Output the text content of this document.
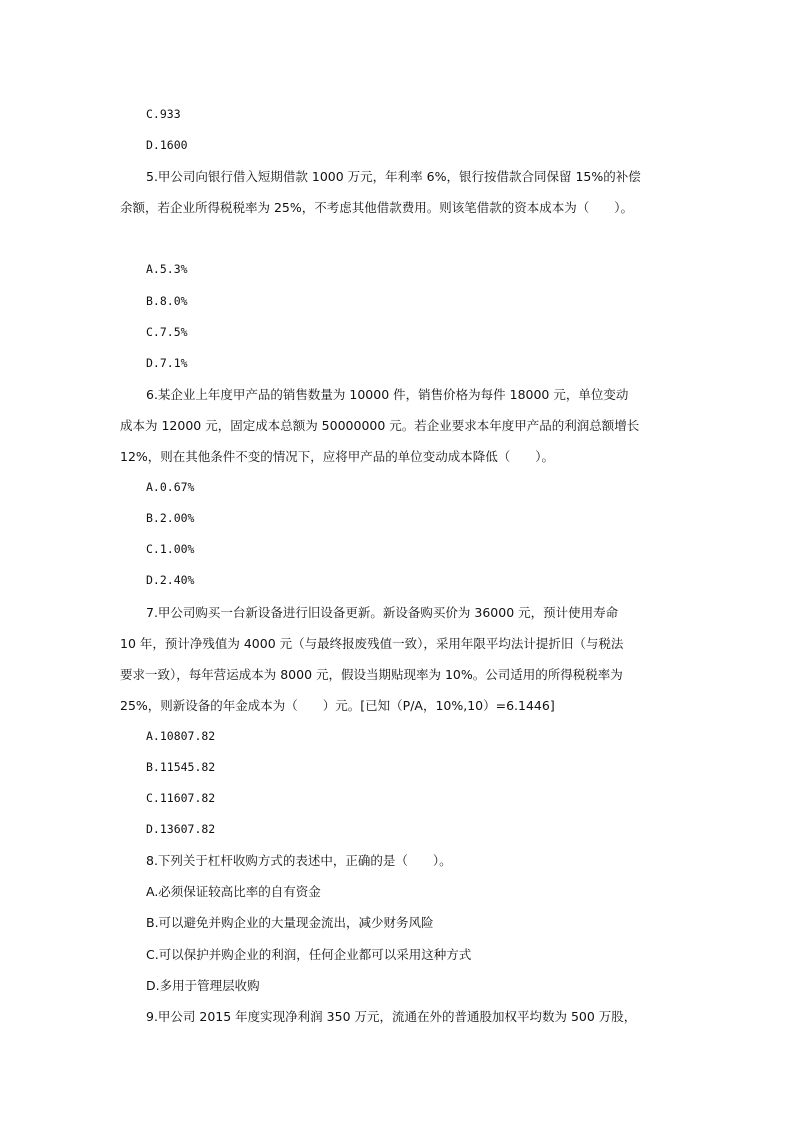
C.933
D.1600
5.甲公司向银行借入短期借款 1000 万元，年利率 6%，银行按借款合同保留 15%的补偿
余额，若企业所得税税率为 25%，不考虑其他借款费用。则该笔借款的资本成本为（　　）。
A.5.3%
B.8.0%
C.7.5%
D.7.1%
6.某企业上年度甲产品的销售数量为 10000 件，销售价格为每件 18000 元，单位变动
成本为 12000 元，固定成本总额为 50000000 元。若企业要求本年度甲产品的利润总额增长
12%，则在其他条件不变的情况下，应将甲产品的单位变动成本降低（　　）。
A.0.67%
B.2.00%
C.1.00%
D.2.40%
7.甲公司购买一台新设备进行旧设备更新。新设备购买价为 36000 元，预计使用寿命
10 年，预计净残值为 4000 元（与最终报废残值一致），采用年限平均法计提折旧（与税法
要求一致），每年营运成本为 8000 元，假设当期贴现率为 10%。公司适用的所得税税率为
25%，则新设备的年金成本为（　　）元。[已知（P/A，10%,10）=6.1446]
A.10807.82
B.11545.82
C.11607.82
D.13607.82
8.下列关于杠杆收购方式的表述中，正确的是（　　）。
A.必须保证较高比率的自有资金
B.可以避免并购企业的大量现金流出，减少财务风险
C.可以保护并购企业的利润，任何企业都可以采用这种方式
D.多用于管理层收购
9.甲公司 2015 年度实现净利润 350 万元，流通在外的普通股加权平均数为 500 万股，
